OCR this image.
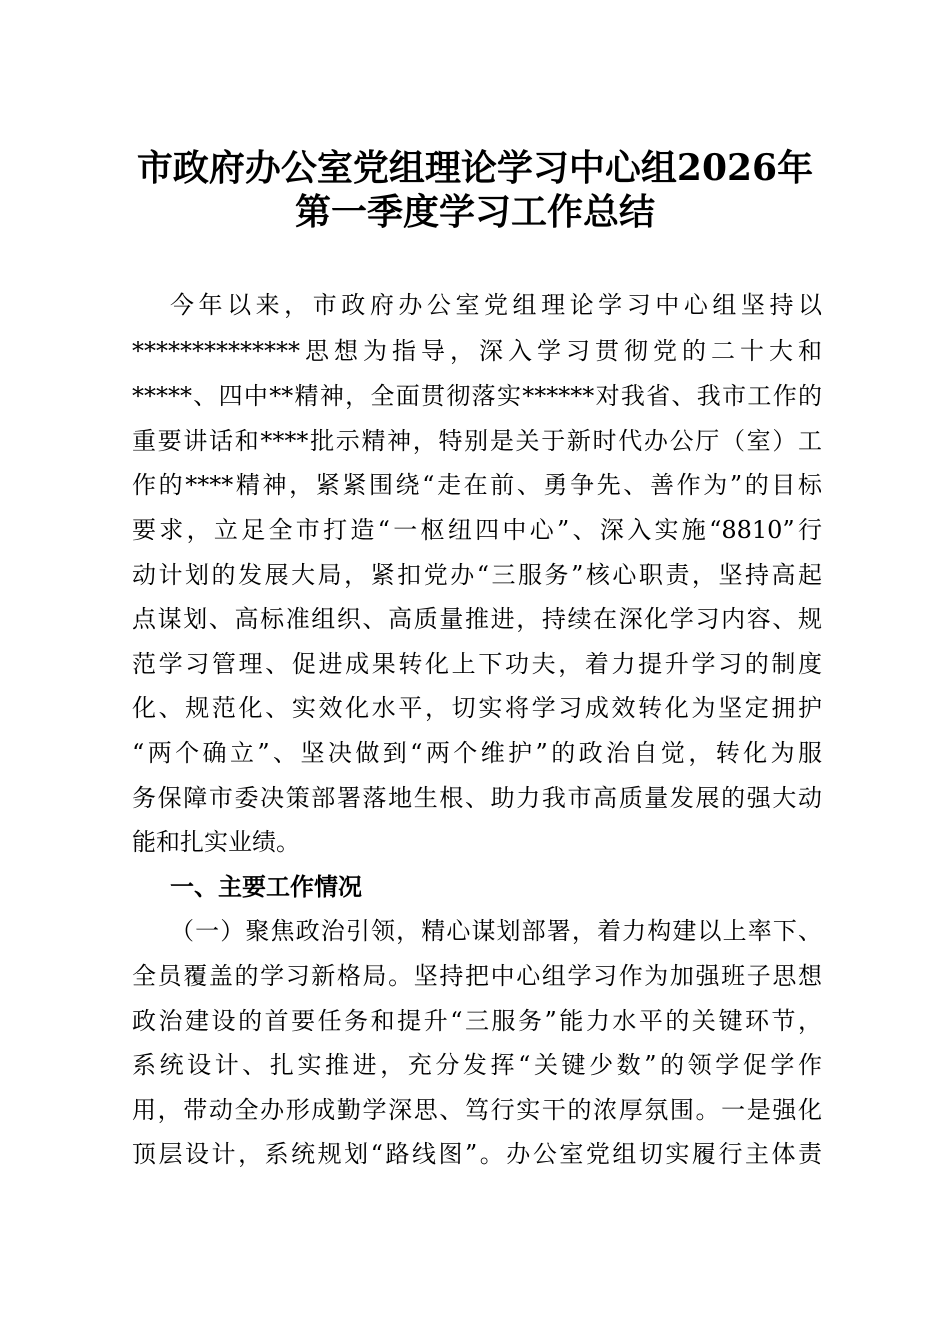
市政府办公室党组理论学习中心组2026年
第一季度学习工作总结
今年以来，市政府办公室党组理论学习中心组坚持以
**************思想为指导，深入学习贯彻党的二十大和
*****、四中**精神，全面贯彻落实******对我省、我市工作的
重要讲话和****批示精神，特别是关于新时代办公厅（室）工
作的****精神，紧紧围绕“走在前、勇争先、善作为”的目标
要求，立足全市打造“一枢纽四中心”、深入实施“8810”行
动计划的发展大局，紧扣党办“三服务”核心职责，坚持高起
点谋划、高标准组织、高质量推进，持续在深化学习内容、规
范学习管理、促进成果转化上下功夫，着力提升学习的制度
化、规范化、实效化水平，切实将学习成效转化为坚定拥护
“两个确立”、坚决做到“两个维护”的政治自觉，转化为服
务保障市委决策部署落地生根、助力我市高质量发展的强大动
能和扎实业绩。
一、主要工作情况
（一）聚焦政治引领，精心谋划部署，着力构建以上率下、
全员覆盖的学习新格局。坚持把中心组学习作为加强班子思想
政治建设的首要任务和提升“三服务”能力水平的关键环节，
系统设计、扎实推进，充分发挥“关键少数”的领学促学作
用，带动全办形成勤学深思、笃行实干的浓厚氛围。一是强化
顶层设计，系统规划“路线图”。办公室党组切实履行主体责
